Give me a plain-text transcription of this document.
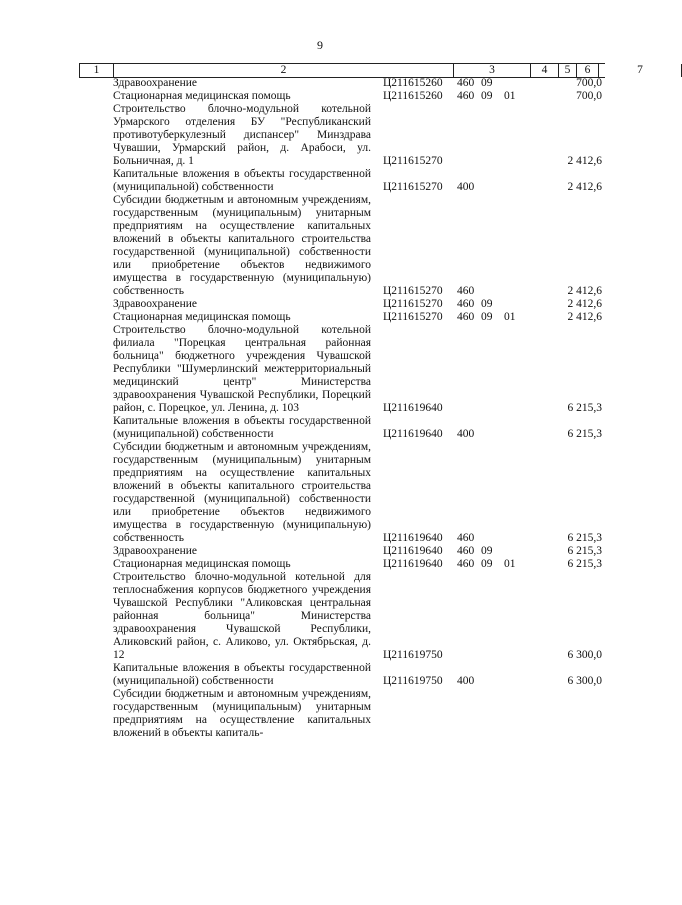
9
1	2	3	4	5	6	7
Здравоохранение	Ц211615260 460 09	700,0
Стационарная медицинская помощь	Ц211615260 460 09 01	700,0
Строительство блочно-модульной котельной Урмарского отделения БУ "Республиканский противотуберкулезный диспансер" Минздрава Чувашии, Урмарский район, д. Арабоси, ул. Больничная, д. 1	Ц211615270	2 412,6
Капитальные вложения в объекты государственной (муниципальной) собственности	Ц211615270 400	2 412,6
Субсидии бюджетным и автономным учреждениям, государственным (муниципальным) унитарным предприятиям на осуществление капитальных вложений в объекты капитального строительства государственной (муниципальной) собственности или приобретение объектов недвижимого имущества в государственную (муниципальную) собственность	Ц211615270 460	2 412,6
Здравоохранение	Ц211615270 460 09	2 412,6
Стационарная медицинская помощь	Ц211615270 460 09 01	2 412,6
Строительство блочно-модульной котельной филиала "Порецкая центральная районная больница" бюджетного учреждения Чувашской Республики "Шумерлинский межтерриториальный медицинский центр" Министерства здравоохранения Чувашской Республики, Порецкий район, с. Порецкое, ул. Ленина, д. 103	Ц211619640	6 215,3
Капитальные вложения в объекты государственной (муниципальной) собственности	Ц211619640 400	6 215,3
Субсидии бюджетным и автономным учреждениям, государственным (муниципальным) унитарным предприятиям на осуществление капитальных вложений в объекты капитального строительства государственной (муниципальной) собственности или приобретение объектов недвижимого имущества в государственную (муниципальную) собственность	Ц211619640 460	6 215,3
Здравоохранение	Ц211619640 460 09	6 215,3
Стационарная медицинская помощь	Ц211619640 460 09 01	6 215,3
Строительство блочно-модульной котельной для теплоснабжения корпусов бюджетного учреждения Чувашской Республики "Аликовская центральная районная больница" Министерства здравоохранения Чувашской Республики, Аликовский район, с. Аликово, ул. Октябрьская, д. 12	Ц211619750	6 300,0
Капитальные вложения в объекты государственной (муниципальной) собственности	Ц211619750 400	6 300,0
Субсидии бюджетным и автономным учреждениям, государственным (муниципальным) унитарным предприятиям на осуществление капитальных вложений в объекты капиталь-
